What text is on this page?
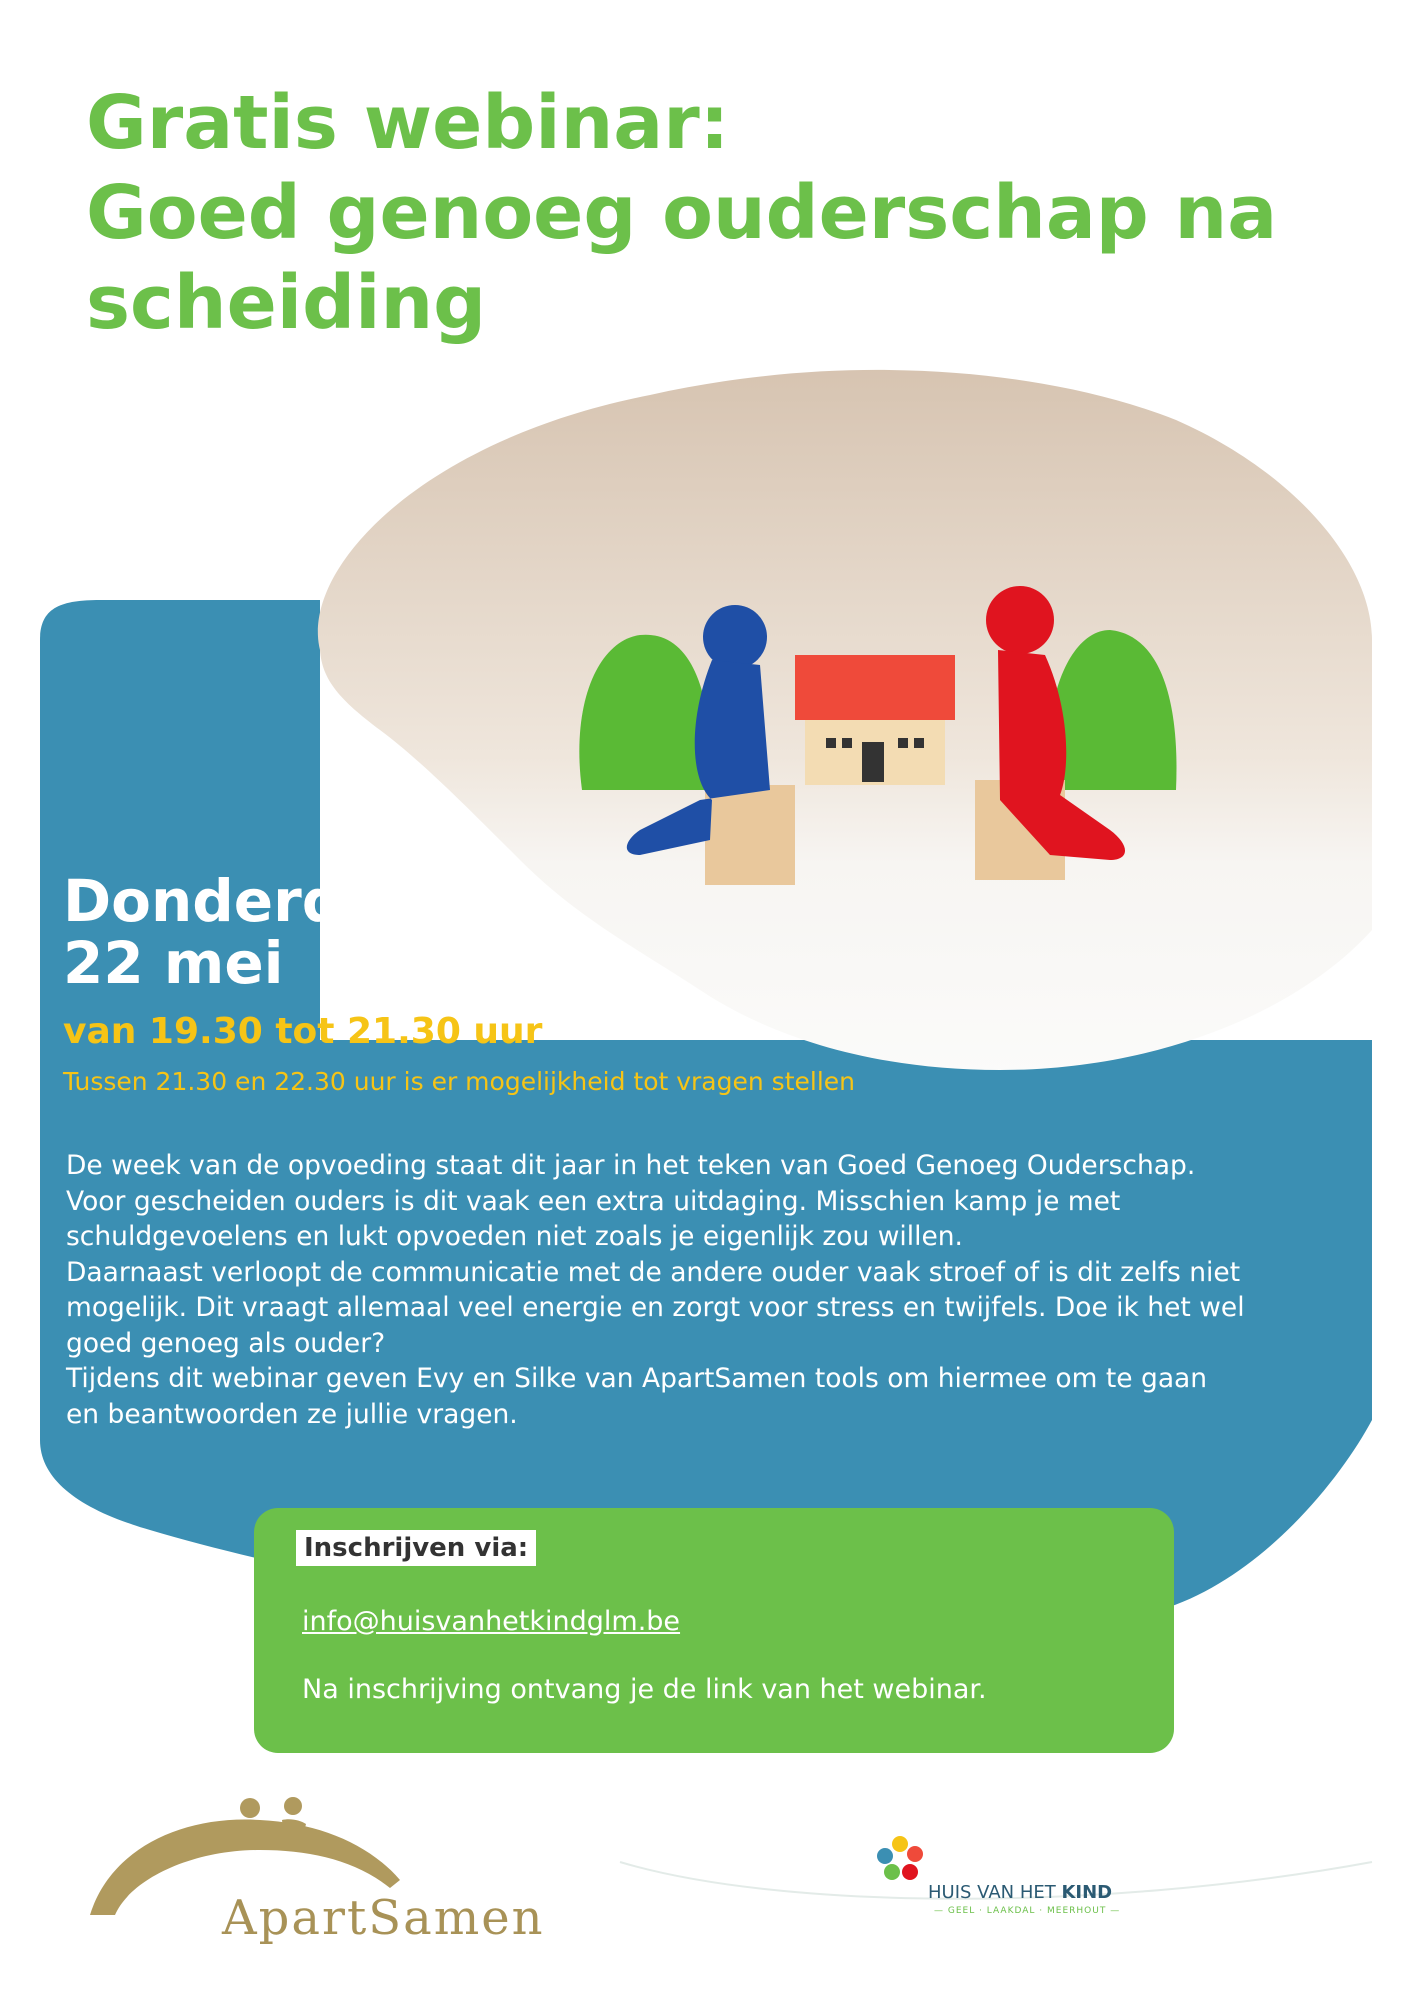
Gratis webinar:
Goed genoeg ouderschap na
scheiding
Donderdag
22 mei
van 19.30 tot 21.30 uur
Tussen 21.30 en 22.30 uur is er mogelijkheid tot vragen stellen

De week van de opvoeding staat dit jaar in het teken van Goed Genoeg Ouderschap. Voor gescheiden ouders is dit vaak een extra uitdaging. Misschien kamp je met schuldgevoelens en lukt opvoeden niet zoals je eigenlijk zou willen.

Daarnaast verloopt de communicatie met de andere ouder vaak stroef of is dit zelfs niet mogelijk. Dit vraagt allemaal veel energie en zorgt voor stress en twijfels. Doe ik het wel goed genoeg als ouder?

Tijdens dit webinar geven Evy en Silke van ApartSamen tools om hiermee om te gaan en beantwoorden ze jullie vragen.

Inschrijven via:
info@huisvanhetkindglm.be
Na inschrijving ontvang je de link van het webinar.
ApartSamen	HUIS VAN HET KIND
— GEEL · LAAKDAL · MEERHOUT —
